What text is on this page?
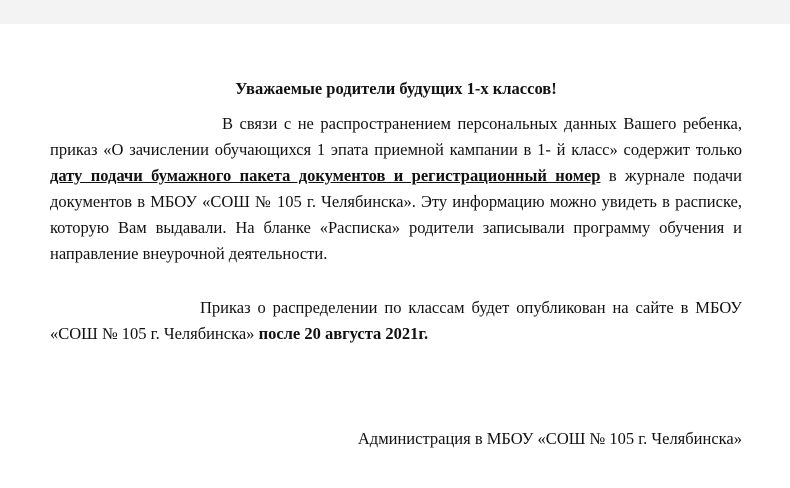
Уважаемые родители будущих 1-х классов!
В связи с не распространением персональных данных Вашего ребенка, приказ «О зачислении обучающихся 1 эпата приемной кампании в 1- й класс» содержит только дату подачи бумажного пакета документов и регистрационный номер в журнале подачи документов в МБОУ «СОШ № 105 г. Челябинска». Эту информацию можно увидеть в расписке, которую Вам выдавали. На бланке «Расписка» родители записывали программу обучения и направление внеурочной деятельности.
Приказ о распределении по классам будет опубликован на сайте в МБОУ «СОШ № 105 г. Челябинска» после 20 августа 2021г.
Администрация в МБОУ «СОШ № 105 г. Челябинска»
